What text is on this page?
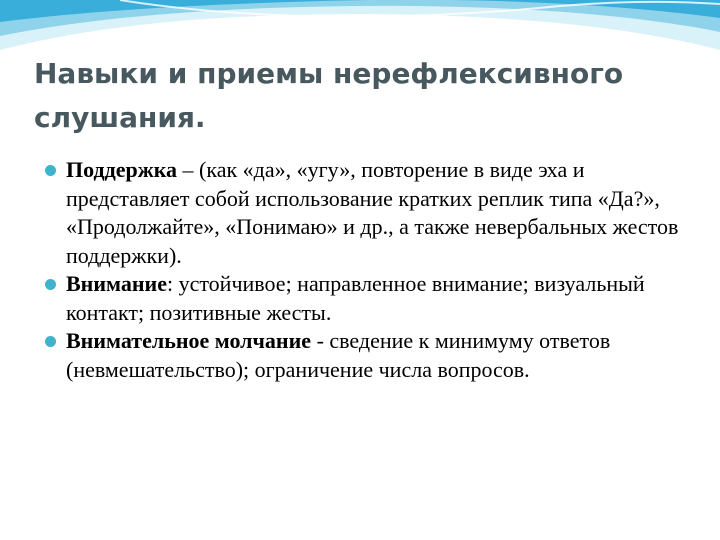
Навыки и приемы нерефлексивного слушания.
Поддержка – (как «да», «угу», повторение в виде эха и представляет собой использование кратких реплик типа «Да?», «Продолжайте», «Понимаю» и др., а также невербальных жестов поддержки).
Внимание: устойчивое; направленное внимание; визуальный контакт; позитивные жесты.
Внимательное молчание - сведение к минимуму ответов (невмешательство); ограничение числа вопросов.
